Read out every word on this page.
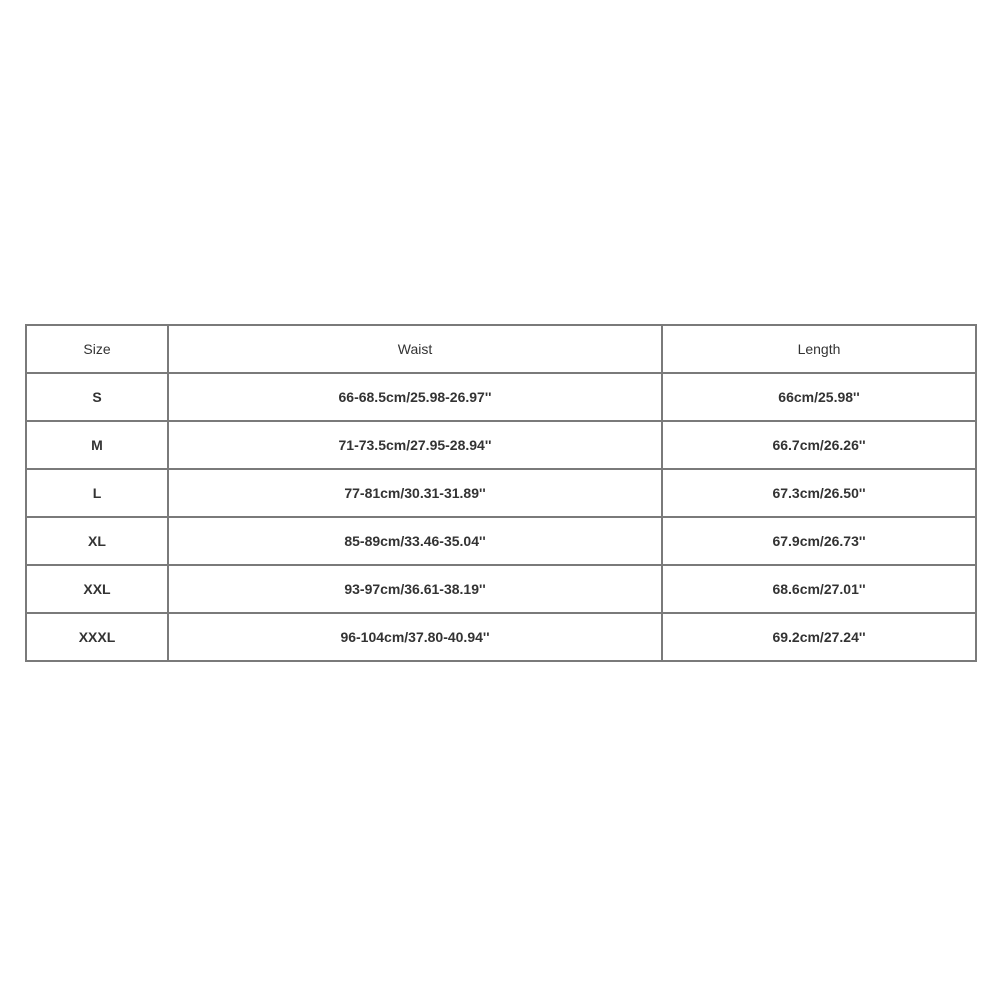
Size	Waist	Length
S	66-68.5cm/25.98-26.97''	66cm/25.98''
M	71-73.5cm/27.95-28.94''	66.7cm/26.26''
L	77-81cm/30.31-31.89''	67.3cm/26.50''
XL	85-89cm/33.46-35.04''	67.9cm/26.73''
XXL	93-97cm/36.61-38.19''	68.6cm/27.01''
XXXL	96-104cm/37.80-40.94''	69.2cm/27.24''
